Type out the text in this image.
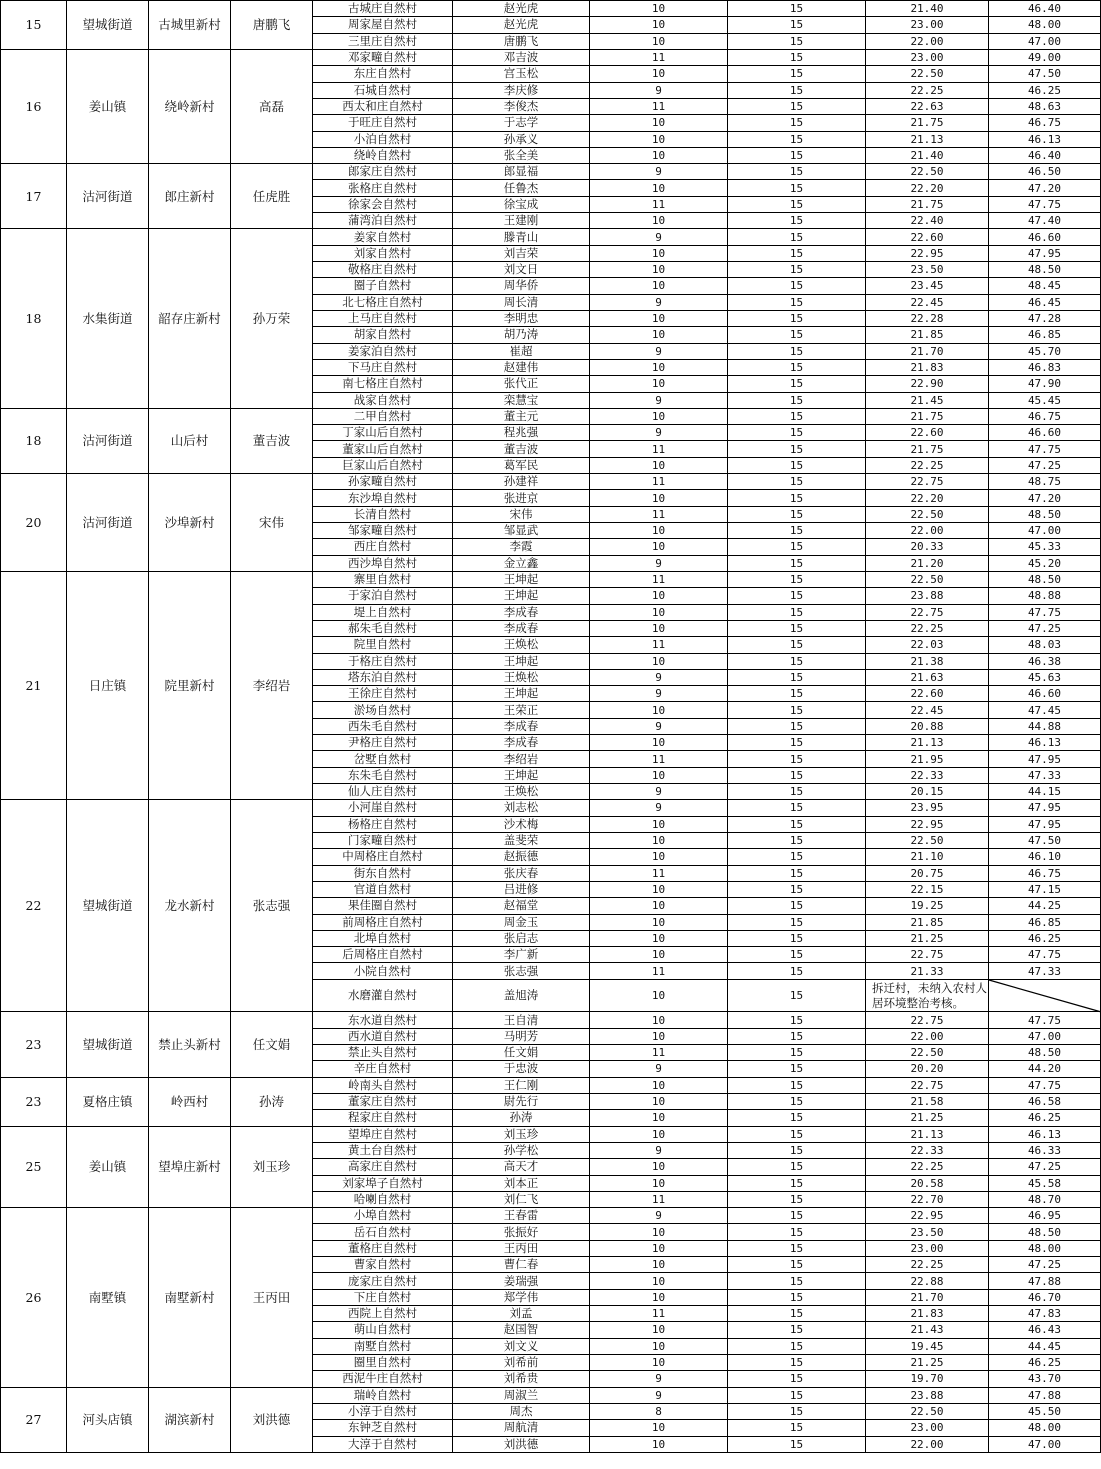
15	望城街道	古城里新村	唐鹏飞	古城庄自然村	赵光虎	10	15	21.40	46.40	
				周家屋自然村	赵光虎	10	15	23.00	48.00	
				三里庄自然村	唐鹏飞	10	15	22.00	47.00	
16	姜山镇	绕岭新村	高磊	邓家疃自然村	邓吉波	11	15	23.00	49.00	
				东庄自然村	宫玉松	10	15	22.50	47.50	
				石城自然村	李庆修	9	15	22.25	46.25	
				西太和庄自然村	李俊杰	11	15	22.63	48.63	
				于旺庄自然村	于志学	10	15	21.75	46.75	
				小泊自然村	孙承义	10	15	21.13	46.13	
				绕岭自然村	张全美	10	15	21.40	46.40	
17	沽河街道	郎庄新村	任虎胜	郎家庄自然村	郎显福	9	15	22.50	46.50	
				张格庄自然村	任鲁杰	10	15	22.20	47.20	
				徐家会自然村	徐宝成	11	15	21.75	47.75	
				蒲湾泊自然村	王建刚	10	15	22.40	47.40	
18	水集街道	韶存庄新村	孙万荣	姜家自然村	滕青山	9	15	22.60	46.60	
				刘家自然村	刘吉荣	10	15	22.95	47.95	
				敬格庄自然村	刘文日	10	15	23.50	48.50	
				圈子自然村	周华侨	10	15	23.45	48.45	
				北七格庄自然村	周长清	9	15	22.45	46.45	
				上马庄自然村	李明忠	10	15	22.28	47.28	
				胡家自然村	胡乃涛	10	15	21.85	46.85	
				姜家泊自然村	崔超	9	15	21.70	45.70	
				下马庄自然村	赵建伟	10	15	21.83	46.83	
				南七格庄自然村	张代正	10	15	22.90	47.90	
				战家自然村	栾慧宝	9	15	21.45	45.45	
18	沽河街道	山后村	董吉波	二甲自然村	董主元	10	15	21.75	46.75	
				丁家山后自然村	程兆强	9	15	22.60	46.60	
				董家山后自然村	董吉波	11	15	21.75	47.75	
				巨家山后自然村	葛军民	10	15	22.25	47.25	
20	沽河街道	沙埠新村	宋伟	孙家疃自然村	孙建祥	11	15	22.75	48.75	
				东沙埠自然村	张进京	10	15	22.20	47.20	
				长清自然村	宋伟	11	15	22.50	48.50	
				邹家疃自然村	邹显武	10	15	22.00	47.00	
				西庄自然村	李霞	10	15	20.33	45.33	
				西沙埠自然村	金立鑫	9	15	21.20	45.20	
21	日庄镇	院里新村	李绍岩	寨里自然村	王坤起	11	15	22.50	48.50	
				于家泊自然村	王坤起	10	15	23.88	48.88	
				堤上自然村	李成春	10	15	22.75	47.75	
				郝朱毛自然村	李成春	10	15	22.25	47.25	
				院里自然村	王焕松	11	15	22.03	48.03	
				于格庄自然村	王坤起	10	15	21.38	46.38	
				塔东泊自然村	王焕松	9	15	21.63	45.63	
				王徐庄自然村	王坤起	9	15	22.60	46.60	
				淤场自然村	王荣正	10	15	22.45	47.45	
				西朱毛自然村	李成春	9	15	20.88	44.88	
				尹格庄自然村	李成春	10	15	21.13	46.13	
				岔墅自然村	李绍岩	11	15	21.95	47.95	
				东朱毛自然村	王坤起	10	15	22.33	47.33	
				仙人庄自然村	王焕松	9	15	20.15	44.15	
22	望城街道	龙水新村	张志强	小河崖自然村	刘志松	9	15	23.95	47.95	
				杨格庄自然村	沙术梅	10	15	22.95	47.95	
				门家疃自然村	盖斐荣	10	15	22.50	47.50	
				中周格庄自然村	赵振德	10	15	21.10	46.10	
				街东自然村	张庆春	11	15	20.75	46.75	
				官道自然村	吕进修	10	15	22.15	47.15	
				果佳圈自然村	赵福堂	10	15	19.25	44.25	
				前周格庄自然村	周金玉	10	15	21.85	46.85	
				北埠自然村	张启志	10	15	21.25	46.25	
				后周格庄自然村	李广新	10	15	22.75	47.75	
				小院自然村	张志强	11	15	21.33	47.33	
				水磨灌自然村	盖旭涛	10	15	拆迁村，未纳入农村人居环境整治考核。	

23	望城街道	禁止头新村	任文娟	东水道自然村	王自清	10	15	22.75	47.75	
				西水道自然村	马明芳	10	15	22.00	47.00	
				禁止头自然村	任文娟	11	15	22.50	48.50	
				辛庄自然村	于忠波	9	15	20.20	44.20	
23	夏格庄镇	岭西村	孙涛	岭南头自然村	王仁刚	10	15	22.75	47.75	
				董家庄自然村	尉先行	10	15	21.58	46.58	
				程家庄自然村	孙涛	10	15	21.25	46.25	
25	姜山镇	望埠庄新村	刘玉珍	望埠庄自然村	刘玉珍	10	15	21.13	46.13	
				黄土台自然村	孙学松	9	15	22.33	46.33	
				高家庄自然村	高天才	10	15	22.25	47.25	
				刘家埠子自然村	刘本正	10	15	20.58	45.58	
				哈喇自然村	刘仁飞	11	15	22.70	48.70	
26	南墅镇	南墅新村	王丙田	小埠自然村	王春雷	9	15	22.95	46.95	
				岳石自然村	张振好	10	15	23.50	48.50	
				董格庄自然村	王丙田	10	15	23.00	48.00	
				曹家自然村	曹仁春	10	15	22.25	47.25	
				庞家庄自然村	姜瑞强	10	15	22.88	47.88	
				下庄自然村	郑学伟	10	15	21.70	46.70	
				西院上自然村	刘孟	11	15	21.83	47.83	
				萌山自然村	赵国智	10	15	21.43	46.43	
				南墅自然村	刘文义	10	15	19.45	44.45	
				圈里自然村	刘希前	10	15	21.25	46.25	
				西泥牛庄自然村	刘希贵	9	15	19.70	43.70	
27	河头店镇	湖滨新村	刘洪德	瑞岭自然村	周淑兰	9	15	23.88	47.88	
				小淳于自然村	周杰	8	15	22.50	45.50	
				东钟芝自然村	周航清	10	15	23.00	48.00	
				大淳于自然村	刘洪德	10	15	22.00	47.00	
